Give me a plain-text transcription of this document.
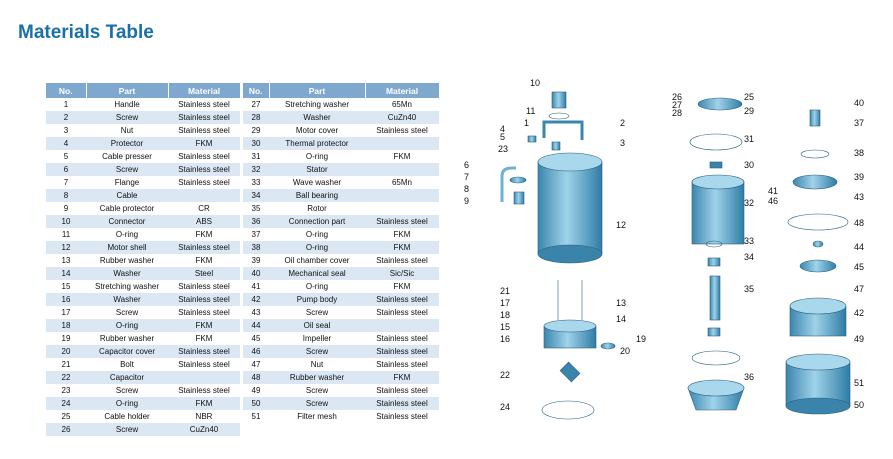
Materials Table
No.	Part	Material
1	Handle	Stainless steel
2	Screw	Stainless steel
3	Nut	Stainless steel
4	Protector	FKM
5	Cable presser	Stainless steel
6	Screw	Stainless steel
7	Flange	Stainless steel
8	Cable	
9	Cable protector	CR
10	Connector	ABS
11	O-ring	FKM
12	Motor shell	Stainless steel
13	Rubber washer	FKM
14	Washer	Steel
15	Stretching washer	Stainless steel
16	Washer	Stainless steel
17	Screw	Stainless steel
18	O-ring	FKM
19	Rubber washer	FKM
20	Capacitor cover	Stainless steel
21	Bolt	Stainless steel
22	Capacitor	
23	Screw	Stainless steel
24	O-ring	FKM
25	Cable holder	NBR
26	Screw	CuZn40
No.	Part	Material
27	Stretching washer	65Mn
28	Washer	CuZn40
29	Motor cover	Stainless steel
30	Thermal protector	
31	O-ring	FKM
32	Stator	
33	Wave washer	65Mn
34	Ball bearing	
35	Rotor	
36	Connection part	Stainless steel
37	O-ring	FKM
38	O-ring	FKM
39	Oil chamber cover	Stainless steel
40	Mechanical seal	Sic/Sic
41	O-ring	FKM
42	Pump body	Stainless steel
43	Screw	Stainless steel
44	Oil seal	
45	Impeller	Stainless steel
46	Screw	Stainless steel
47	Nut	Stainless steel
48	Rubber washer	FKM
49	Screw	Stainless steel
50	Screw	Stainless steel
51	Filter mesh	Stainless steel
1	2
3
4
5
6
7
8
9
10
11
12
13
14
15
16
17
18
19
20
21
22
23
24
25
26
27
28	29
30
31
32
33
34
35
36
37
38
39
40
41
42
43
44
45
46
47
48
49
50
51
